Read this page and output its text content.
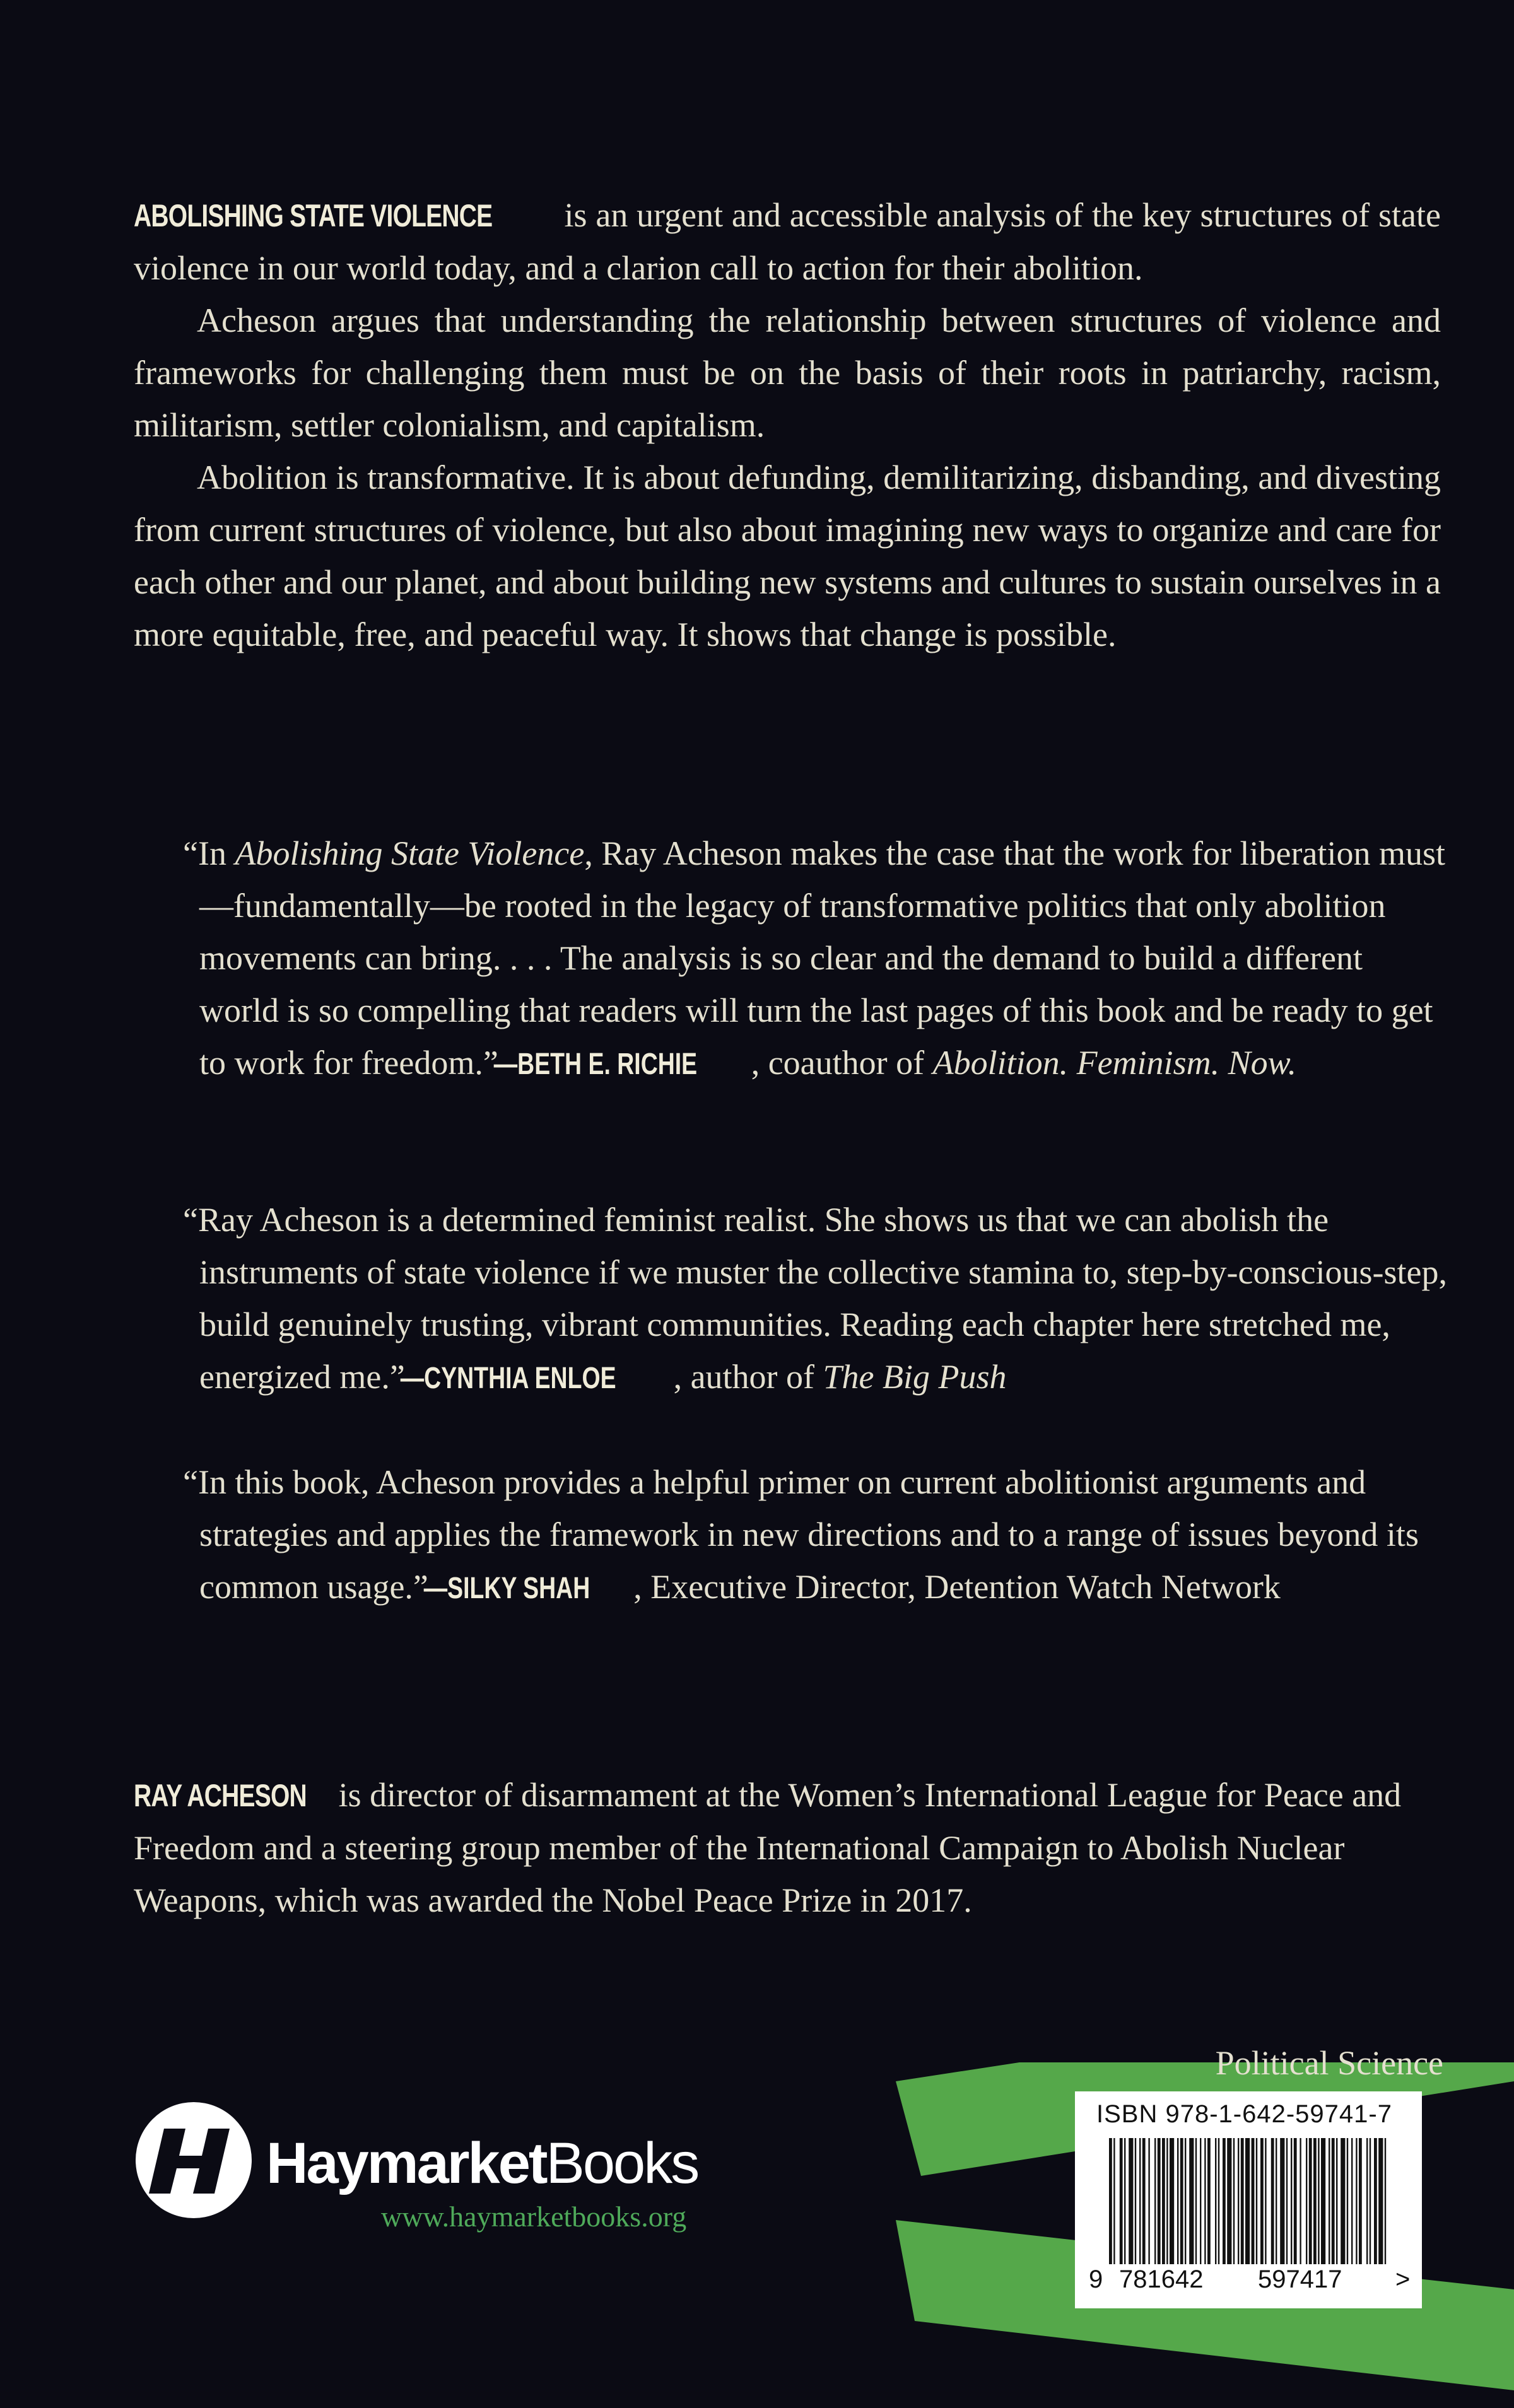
ABOLISHING STATE VIOLENCE is an urgent and accessible analysis of the key structures of state violence in our world today, and a clarion call to action for their abolition.

Acheson argues that understanding the relationship between structures of violence and frameworks for challenging them must be on the basis of their roots in patriarchy, racism, militarism, settler colonialism, and capitalism.

Abolition is transformative. It is about defunding, demilitarizing, disbanding, and divesting from current structures of violence, but also about imagining new ways to organize and care for each other and our planet, and about building new systems and cultures to sustain ourselves in a more equitable, free, and peaceful way. It shows that change is possible.

“In Abolishing State Violence, Ray Acheson makes the case that the work for liberation must—fundamentally—be rooted in the legacy of transformative politics that only abolition movements can bring. . . . The analysis is so clear and the demand to build a different world is so compelling that readers will turn the last pages of this book and be ready to get to work for freedom.” —BETH E. RICHIE , coauthor of Abolition. Feminism. Now.
“Ray Acheson is a determined feminist realist. She shows us that we can abolish the instruments of state violence if we muster the collective stamina to, step-by-conscious-step, build genuinely trusting, vibrant communities. Reading each chapter here stretched me, energized me.” —CYNTHIA ENLOE , author of The Big Push
“In this book, Acheson provides a helpful primer on current abolitionist arguments and strategies and applies the framework in new directions and to a range of issues beyond its common usage.” —SILKY SHAH , Executive Director, Detention Watch Network

RAY ACHESON is director of disarmament at the Women’s International League for Peace and Freedom and a steering group member of the International Campaign to Abolish Nuclear Weapons, which was awarded the Nobel Peace Prize in 2017.

Political Science
HaymarketBooks
www.haymarketbooks.org
ISBN 978-1-642-59741-7
9 781642 597417 >
